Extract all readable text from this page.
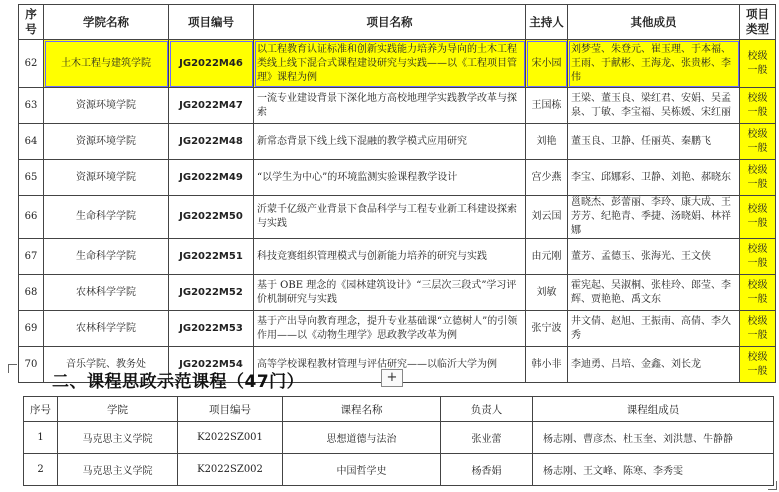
序号	学院名称	项目编号	项目名称	主持人	其他成员	项目类型
62	土木工程与建筑学院	JG2022M46	以工程教育认证标准和创新实践能力培养为导向的土木工程类线上线下混合式课程建设研究与实践——以《工程项目管理》课程为例	宋小园	刘梦莹、朱登元、崔玉理、于本福、王雨、于献彬、王海龙、张贵彬、李伟	校级一般
63	资源环境学院	JG2022M47	一流专业建设背景下深化地方高校地理学实践教学改革与探索	王国栋	王梁、董玉良、梁红君、安娟、吴孟泉、丁敏、李宝福、吴栋媛、宋红丽	校级一般
64	资源环境学院	JG2022M48	新常态背景下线上线下混融的教学模式应用研究	刘艳	董玉良、卫静、任丽英、秦鹏飞	校级一般
65	资源环境学院	JG2022M49	“以学生为中心”的环境监测实验课程教学设计	宫少燕	李宝、邱娜彩、卫静、刘艳、郝晓东	校级一般
66	生命科学学院	JG2022M50	沂蒙千亿级产业背景下食品科学与工程专业新工科建设探索与实践	刘云国	邕晓杰、彭蕾丽、李玲、康大成、王芳芳、纪艳青、季捷、汤晓娟、林祥娜	校级一般
67	生命科学学院	JG2022M51	科技竞赛组织管理模式与创新能力培养的研究与实践	由元刚	董芳、孟德玉、张海光、王文侠	校级一般
68	农林科学学院	JG2022M52	基于 OBE 理念的《园林建筑设计》“三层次三段式”学习评价机制研究与实践	刘敏	霍宪起、吴淑桐、张桂玲、郎莹、李辉、贾艳艳、禹文东	校级一般
69	农林科学学院	JG2022M53	基于产出导向教育理念，提升专业基础课“立德树人”的引领作用——以《动物生理学》思政教学改革为例	张宁波	井文倩、赵旭、王振南、高倩、李久秀	校级一般
70	音乐学院、教务处	JG2022M54	高等学校课程教材管理与评估研究——以临沂大学为例	韩小非	李迪勇、吕培、金鑫、刘长龙	校级一般
二、课程思政示范课程（47门）	+
序号	学院	项目编号	课程名称	负责人	课程组成员
1	马克思主义学院	K2022SZ001	思想道德与法治	张业蕾	杨志刚、曹彦杰、杜玉奎、刘洪慧、牛静静
2	马克思主义学院	K2022SZ002	中国哲学史	杨香娟	杨志刚、王文峰、陈寒、李秀雯
